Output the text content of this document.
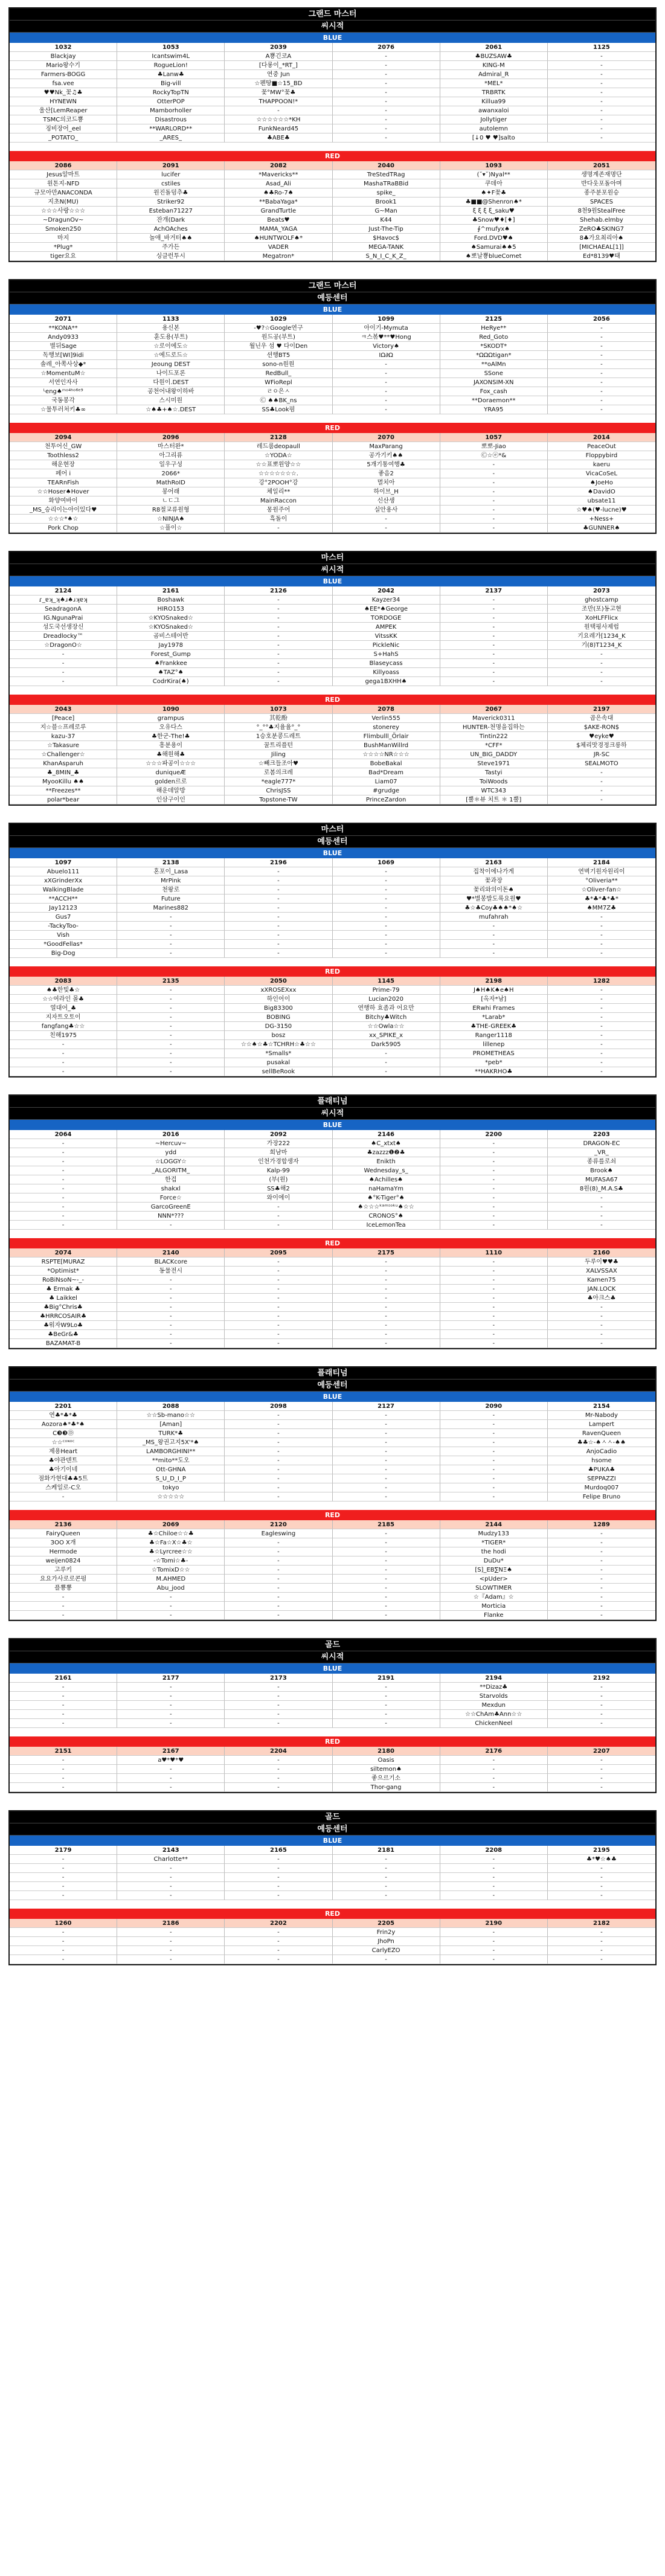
그랜드 마스터
씨시적
BLUE
1032	1053	2039	2076	2061	1125
Blackjay	Icantswim4L	A뿅긴코A	-	♣BUZSAW♣	-
Mario왕수기	RogueLion!	[다롱이_*RT_]	-	KING-M	-
Farmers-BOGG	♣Lanw♣	연중 Jun	-	Admiral_R	-
fsa.vee	Big-vill	☆펜땅■☆15_BD	-	*MEL*	-
♥♥Nk_꽃♫♣	RockyTopTN	꽃°MW°꽃♣	-	TRBRTK	-
HYNEWN	OtterPOP	THAPPOON!*	-	Killua99	-
울산[LemReaper	Mamborholler	-	-	awanxaloi	-
TSMC의코드뿅	Disastrous	☆☆☆☆☆☆*KH	-	Jollytiger	-
징비장어_eel	**WARLORD**	FunkNeard45	-	autolemn	-
_POTATO_	_ARES_	♣ABE♣	-	[↓0 ♥ ♥]salto	-
RED
2086	2091	2082	2040	1093	2051
Jesus알마트	lucifer	*Mavericks**	TreStedTRag	(˘▾˘)Nyal**	생명계존재명단
원톤지-NFD	cstiles	Asad_Ali	MashaTRaBBid	쿠데아	반다웃포돌아며
규모아만ANACONDA	원진돌덤추♣	♠♣Ro-7♠	spike_	♠✦F꽃♣	종주분포원승
지초N(MU)	Striker92	**BabaYaga*	Brook1	♣■■@Shenron♠*	SPACES
☆☆☆사랑☆☆☆	Esteban71227	GrandTurtle	G~Man	ξ ξ ξ ξ_saku♥	8천9원StealFree
~DragunOv~	잔개(Dark	Beats♥	K44	♣Snow♥♦[♦]	Shehab.elmby
Smoken250	AchOAches	MAMA_YAGA	Just-The-Tip	∮^mufyx♠	ZeRO♣SKING7
마지	놀애_바거터♠♠	♠HUNTWOLF♠*	$Havoc$	Ford.DVD♥♠	8♣가요최리아♠
*Plug*	주가든	VADER	MEGA-TANK	♠Samurai♠♠5	[MICHAEAL[1]]
tiger요요	싱클런투시	Megatron*	S_N_I_C_K_Z_	♠뽀날뿅blueComet	Ed*8139♥태
그랜드 마스터
예등센터
BLUE
2071	1133	1029	1099	2125	2056
**KONA**	용신본	-♥?☆Google연구	아이기-Mymuta	HeRye**	-
Andy0933	훈도용(부트)	원드공(부트)	ㅋ스볶♥**♥Hong	Red_Goto	-
별뒤Sage	☆로이에도☆	월닌우 섬 ♥ 다이Den	Victory♠	*SKODT*	-
독행보[WI]9idi	☆에드로드☆	션행BT5	IΩ∂Ω	*ΩΩΩtigan*	-
솔레_아쪽사상◆*	Jeoung DEST	sono-n원원	-	**oAlMn	-
☆MomentuM☆	나이드포론	RedBull_	-	SSone	-
서연인자사	다원이.DEST	WFioRepl	-	JAXONSIM-XN	-
ᴸeng♠ᵐᵒ⁴ʰᵒ⁶ᵉ⁹	공천어내왕이하바	ㄹㅇ은ㅅ	-	Fox_cash	-
국동봉각	스시미원	Ⓒ ♠♠BK_ns	-	**Doraemon**	-
☆물투러처키♣∞	☆♠♣+♠☆.DEST	SS♣Look펌	-	YRA95	-
RED
2094	2096	2128	2070	1057	2014
천투어신_GW	마스터완*	레드룸deopaull	MaxParang	뽀뽀-Jiao	PeaceOut
Toothless2	아그리류	☆YODA☆	공가기키♠♠	Ⓒ☆ⓔ*&	Floppybird
해운현장	일우구성	☆☆표뽀원양☆☆	5개기통여행♣	-	kaeru
페어 i	2066*	☆☆☆☆☆☆☆.	좋음2	-	VicaCoSeL
TEARnFish	MathRoID	강°2POOH°강	멸치아	-	♠JoeHo
☆☆Hoser♠Hover	봉어래	체일리**	하이브_H	-	♠DavidO
화양여바이	ㄴㄷ그	MainRaccon	신산생	-	ubsate11
_MS_승리이는아이있다♥	R8절교류원형	몽원주어	실안용사	-	☆♥♠(♥-lucne)♥
☆☆☆*♠☆	☆NINJA♠	흑돌이	-	-	+Ness+
Pork Chop	☆풀이☆	-	-	-	♣GUNNER♠
마스터
씨시적
BLUE
2124	2161	2126	2042	2137	2073
ɾ_ɐʞ_ʞ♠ɹ♠ɹʞɐʞ	Boshawk	-	Kayzer34	-	ghostcamp
SeadragonA	HIRO153	-	♠EE*♠George	-	조만(포)동고현
IG.NgunaPrai	☆KYOSnaked☆	-	TORDOGE	-	XoHLFFlicx
성도국선생장신	☆KYOSnaked☆	-	AMPEK	-	원택핑사제럽
Dreadlocky™	곰비스테어반	-	VitssKK	-	기요레가[1234_K
☆DragonO☆	Jay1978	-	PickleNic	-	기(8)T1234_K
-	Forest_Gump	-	S+HahS	-	-
-	♠Frankkee	-	Blaseycass	-	-
-	♠TAZ°♠	-	Killyoass	-	-
-	CodrKira(♠)	-	gega1BXHH♠	-	-
RED
2043	1090	1073	2078	2067	2197
[Peace]	grampus	其乾酚	Verlin555	Maverick0311	곱은속대
지☆블☆프레로루	오유다스	°_°°♣지율율°_°	stonerey	HUNTER-천명을집하는	$AKE-RON$
kazu-37	♣한군-The!♣	1승호분콩드레트	Flimbulll_Örlair	Tintin222	♥eyke♥
☆Takasure	흥분용이	꿀트리플턴	BushManWillrd	*CFF*	$체리맛경정크릉하
☆Challenger☆	♣해원해♣	Jiling	☆☆☆☆NR☆☆☆	UN_BIG_DADDY	JR-SC
KhanAsparuh	☆☆☆파공이☆☆☆	☆빼크들조아♥	BobeBakal	Steve1971	SEALMOTO
♣_8MIN_♣	duniqueÆ	로봄의크레	Bad*Dream	Tastyi	-
MyooKillu ♠♠	golden르로	*eagle777*	Liam07	ToiWoods	-
**Freezes**	해운데알방	ChrisJSS	#grudge	WTC343	-
polar*bear	인삼구이인	Topstone-TW	PrinceZardon	[뿔＊뷰 치트 ＊ 1뿔]	-
마스터
예등센터
BLUE
1097	2138	2196	1069	2163	2184
Abuelo111	혼포이_Lasa	-	-	집착이에나가게	연벽기원자원리이
xXGrinderXx	MrPink	-	-	꽃과장	°Oliveria**
WalkingBlade	천왕로	-	-	꽃리와의이돈♠	☆Oliver-fan☆
**ACCH**	Future	-	-	♥*별봉발도록요원♥	♣*♣*♣*♣*
Jay12123	Marines882	-	-	♣☆♣Coy♣♠♠*♠☆	♠MM7Z♣
Gus7	-	-	-	mufahrah	-
-TackyToo-	-	-	-	-	-
Vish	-	-	-	-	-
*GoodFellas*	-	-	-	-	-
Big-Dog	-	-	-	-	-
RED
2083	2135	2050	1145	2198	1282
♠♣한빛♣☆	-	xXROSEXxx	Prime-79	J♠H♠K♠e♠H	-
☆☆여라인 몰♣	-	하인어이	Lucian2020	[옥자*남]	-
열대어_♣	-	Big83300	연행하 효좀과 어요만	ERwhi Frames	-
지자트오토이	-	BOBING	Bitchy♣Witch	*Larab*	-
fangfang♣☆☆	-	DG-3150	☆☆Owla☆☆	♣THE-GREEK♣	-
친해1975	-	bosz	xx_SPIKE_x	Ranger1118	-
-	-	☆☆♠☆♣☆TCHRH☆♣☆☆	Dark5905	lillenep	-
-	-	*Smalls*	-	PROMETHEAS	-
-	-	pusakal	-	*peb*	-
-	-	sellBeRook	-	**HAKRHO♣	-
플래티넘
씨시적
BLUE
2064	2016	2092	2146	2200	2203
-	~Hercuv~	가장222	♠C_xtxt♠	-	DRAGON-EC
-	ydd	희남마	♣zazzz❶❷♣	-	_VR_
-	☆LOGGY☆	인천가경합생자	Enikth	-	종류를로쇠
-	_ALGORITM_	Kalp-99	Wednesday_s_	-	Brook♠
-	한겁	(부(원)	♠Achilles♠	-	MUFASA67
-	shakxl	SS♣해2	naHamaYm	-	8원(8)_M.A.S♣
-	Force☆	와이에이	♠°K-Tiger°♠	-	-
-	GarcoGreenE	-	♠☆☆☆ᵏᵃᵐˢᵒᵏᵘ♠☆☆	-	-
-	NNN*???	-	CRONOS°♠	-	-
-	-	-	IceLemonTea	-	-
RED
2074	2140	2095	2175	1110	2160
RSPTE[MURAZ	BLACKcore	-	-	-	두루이♥♥♣
*Optimist*	동물전시	-	-	-	XALVSSAX
RoBiNsoN~-_-	-	-	-	-	Kamen75
♣ Ermak ♣	-	-	-	-	JAN.LOCK
♣ Laikkel	-	-	-	-	♣아크스♣
♣Big°Chris♣	-	-	-	-	-
♣HRRCOSAIR♣	-	-	-	-	-
♣워자W9Lo♣	-	-	-	-	-
♣BeGr&♣	-	-	-	-	-
BAZAMAT-B	-	-	-	-	-
플래티넘
예등센터
BLUE
2201	2088	2098	2127	2090	2154
연♣*♣*♣	☆☆Sb-mano☆☆	-	-	-	Mr-Nabody
Aozora♠*♣*♠	[Aman]	-	-	-	Lampert
C❸❸Ⓓ	TURK*♣	-	-	-	RavenQueen
☆☆ᶜᵒᶰᵒᶜ	_MS_왕권고지5X'*♠	-	-	-	♣♣☆-♠ㅅㅅ-♠♠
제용Heart	LAMBORGHINI**	-	-	-	AnjoCadio
♣야관덴트	**mito**도오	-	-	-	hsome
♣아기이네	Ott-GHNA	-	-	-	♣PUKA♣
점화가현대♣♣5트	S_U_D_I_P	-	-	-	SEPPAZZI
스케일로-C오	tokyo	-	-	-	Murdoq007
-	☆☆☆☆☆	-	-	-	Felipe Bruno
RED
2136	2069	2120	2185	2144	1289
FairyQueen	♣☆Chiloe☆☆♣	Eagleswing	-	Mudzy133	-
ЗОО Х개	♣☆Fa☆X☆♣☆	-	-	*TIGER*	-
Hermode	♣☆Lyrcree☆☆	-	-	the hodi	-
weijen0824	-☆Tomi☆♣-	-	-	DuDu*	-
고루키	☆TomixD☆☆	-	-	[S]_ΕΒ∑ΝΞ♠	-
요요가사로로콘펌	M.AHMED	-	-	<pUder>	-
플뿅뿅	Abu_jood	-	-	SLOWTIMER	-
-	-	-	-	☆『Adam』☆	-
-	-	-	-	Morticia	-
-	-	-	-	Flanke	-
골드
씨시적
BLUE
2161	2177	2173	2191	2194	2192
-	-	-	-	**Dizaz♣	-
-	-	-	-	Starvolds	-
-	-	-	-	Mexdun	-
-	-	-	-	☆☆ChAm♣Ann☆☆	-
-	-	-	-	ChickenNeel	-
RED
2151	2167	2204	2180	2176	2207
-	a♥*♥*♥	-	Oasis	-	-
-	-	-	siltemon♠	-	-
-	-	-	좋으르기소	-	-
-	-	-	Thor-gang	-	-
골드
예등센터
BLUE
2179	2143	2165	2181	2208	2195
-	Charlotte**	-	-	-	♣*♥☆♠♣
-	-	-	-	-	-
-	-	-	-	-	-
-	-	-	-	-	-
-	-	-	-	-	-
RED
1260	2186	2202	2205	2190	2182
-	-	-	Frin2y	-	-
-	-	-	JhoPn	-	-
-	-	-	CarlyEZO	-	-
-	-	-	-	-	-
